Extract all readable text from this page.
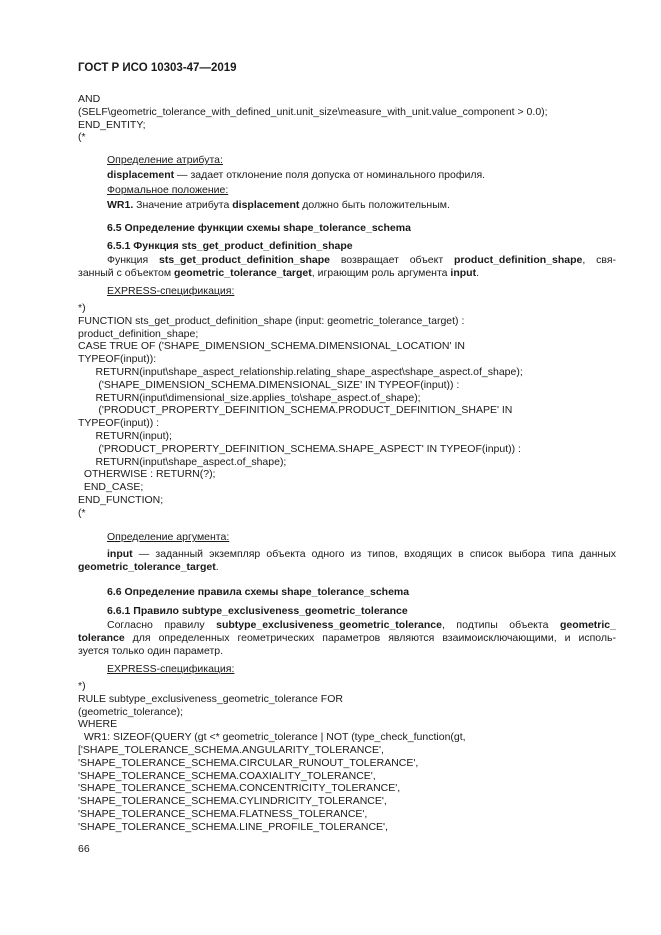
ГОСТ Р ИСО 10303-47—2019
AND
(SELF\geometric_tolerance_with_defined_unit.unit_size\measure_with_unit.value_component > 0.0);
END_ENTITY;
(*
Определение атрибута:
displacement — задает отклонение поля допуска от номинального профиля.
Формальное положение:
WR1. Значение атрибута displacement должно быть положительным.
6.5 Определение функции схемы shape_tolerance_schema
6.5.1 Функция sts_get_product_definition_shape
Функция sts_get_product_definition_shape возвращает объект product_definition_shape, свя-
занный с объектом geometric_tolerance_target, играющим роль аргумента input.
EXPRESS-спецификация:
*)
FUNCTION sts_get_product_definition_shape (input: geometric_tolerance_target) :
product_definition_shape;
CASE TRUE OF ('SHAPE_DIMENSION_SCHEMA.DIMENSIONAL_LOCATION' IN
TYPEOF(input)):
RETURN(input\shape_aspect_relationship.relating_shape_aspect\shape_aspect.of_shape);
('SHAPE_DIMENSION_SCHEMA.DIMENSIONAL_SIZE' IN TYPEOF(input)) :
RETURN(input\dimensional_size.applies_to\shape_aspect.of_shape);
('PRODUCT_PROPERTY_DEFINITION_SCHEMA.PRODUCT_DEFINITION_SHAPE' IN
TYPEOF(input)) :
RETURN(input);
('PRODUCT_PROPERTY_DEFINITION_SCHEMA.SHAPE_ASPECT' IN TYPEOF(input)) :
RETURN(input\shape_aspect.of_shape);
OTHERWISE : RETURN(?);
END_CASE;
END_FUNCTION;
(*
Определение аргумента:
input — заданный экземпляр объекта одного из типов, входящих в список выбора типа данных
geometric_tolerance_target.
6.6 Определение правила схемы shape_tolerance_schema
6.6.1 Правило subtype_exclusiveness_geometric_tolerance
Согласно правилу subtype_exclusiveness_geometric_tolerance, подтипы объекта geometric_
tolerance для определенных геометрических параметров являются взаимоисключающими, и исполь-
зуется только один параметр.
EXPRESS-спецификация:
*)
RULE subtype_exclusiveness_geometric_tolerance FOR
(geometric_tolerance);
WHERE
WR1: SIZEOF(QUERY (gt <* geometric_tolerance | NOT (type_check_function(gt,
['SHAPE_TOLERANCE_SCHEMA.ANGULARITY_TOLERANCE',
'SHAPE_TOLERANCE_SCHEMA.CIRCULAR_RUNOUT_TOLERANCE',
'SHAPE_TOLERANCE_SCHEMA.COAXIALITY_TOLERANCE',
'SHAPE_TOLERANCE_SCHEMA.CONCENTRICITY_TOLERANCE',
'SHAPE_TOLERANCE_SCHEMA.CYLINDRICITY_TOLERANCE',
'SHAPE_TOLERANCE_SCHEMA.FLATNESS_TOLERANCE',
'SHAPE_TOLERANCE_SCHEMA.LINE_PROFILE_TOLERANCE',
66
